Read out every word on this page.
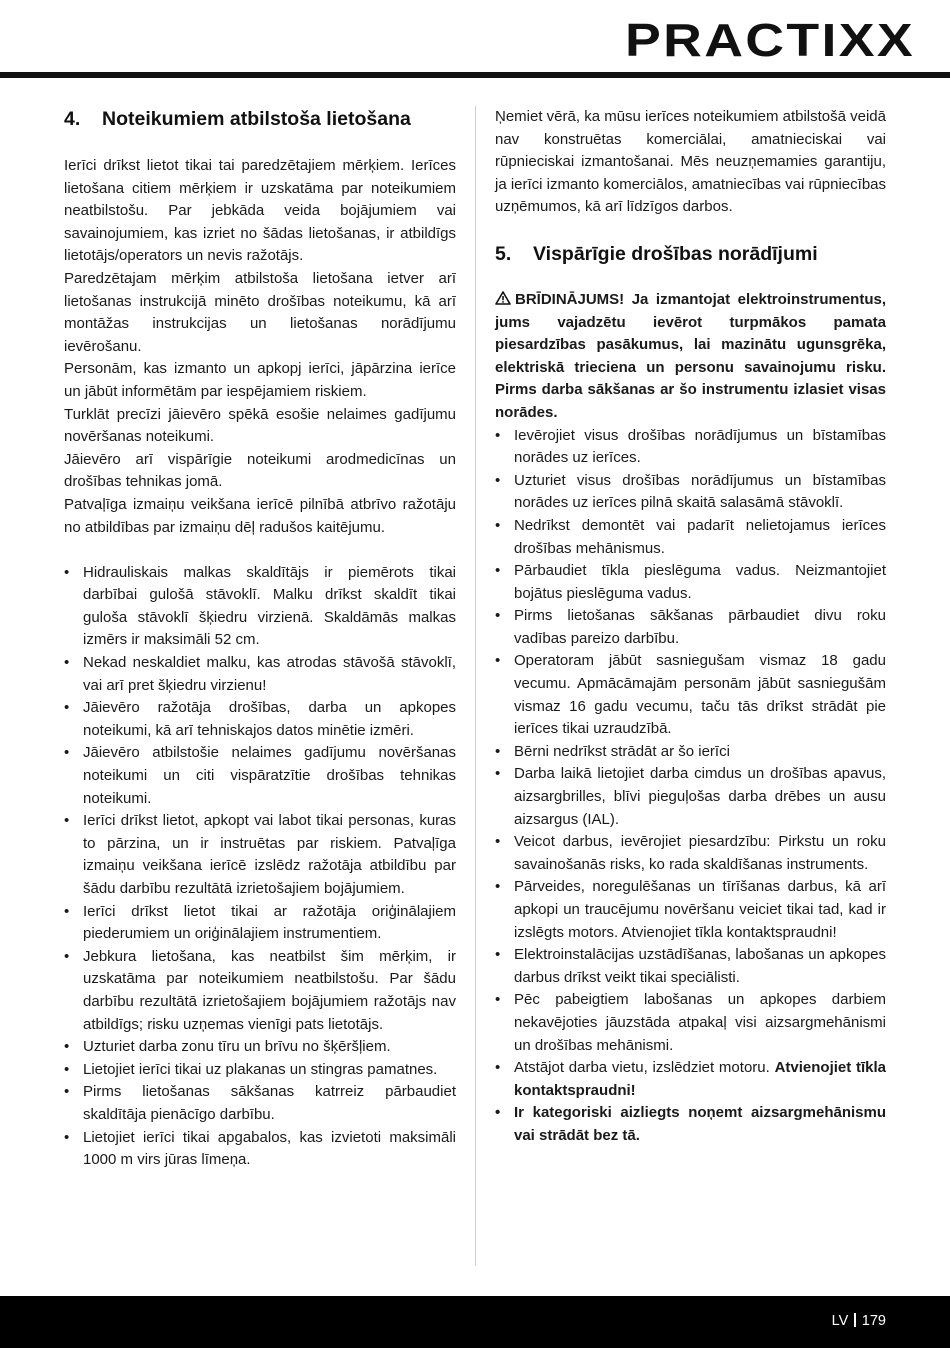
PRACTIXX
4.	Noteikumiem atbilstoša lietošana

Ierīci drīkst lietot tikai tai paredzētajiem mērķiem. Ierīces lietošana citiem mērķiem ir uzskatāma par noteikumiem neatbilstošu. Par jebkāda veida bojājumiem vai savainojumiem, kas izriet no šādas lietošanas, ir atbildīgs lietotājs/operators un nevis ražotājs.

Paredzētajam mērķim atbilstoša lietošana ietver arī lietošanas instrukcijā minēto drošības noteikumu, kā arī montāžas instrukcijas un lietošanas norādījumu ievērošanu.

Personām, kas izmanto un apkopj ierīci, jāpārzina ierīce un jābūt informētām par iespējamiem riskiem.

Turklāt precīzi jāievēro spēkā esošie nelaimes gadījumu novēršanas noteikumi.

Jāievēro arī vispārīgie noteikumi arodmedicīnas un drošības tehnikas jomā.

Patvaļīga izmaiņu veikšana ierīcē pilnībā atbrīvo ražotāju no atbildības par izmaiņu dēļ radušos kaitējumu.

• Hidrauliskais malkas skaldītājs ir piemērots tikai darbībai gulošā stāvoklī. Malku drīkst skaldīt tikai guloša stāvoklī šķiedru virzienā. Skaldāmās malkas izmērs ir maksimāli 52 cm.
• Nekad neskaldiet malku, kas atrodas stāvošā stāvoklī, vai arī pret šķiedru virzienu!
• Jāievēro ražotāja drošības, darba un apkopes noteikumi, kā arī tehniskajos datos minētie izmēri.
• Jāievēro atbilstošie nelaimes gadījumu novēršanas noteikumi un citi vispāratzītie drošības tehnikas noteikumi.
• Ierīci drīkst lietot, apkopt vai labot tikai personas, kuras to pārzina, un ir instruētas par riskiem. Patvaļīga izmaiņu veikšana ierīcē izslēdz ražotāja atbildību par šādu darbību rezultātā izrietošajiem bojājumiem.
• Ierīci drīkst lietot tikai ar ražotāja oriģinālajiem piederumiem un oriģinālajiem instrumentiem.
• Jebkura lietošana, kas neatbilst šim mērķim, ir uzskatāma par noteikumiem neatbilstošu. Par šādu darbību rezultātā izrietošajiem bojājumiem ražotājs nav atbildīgs; risku uzņemas vienīgi pats lietotājs.
• Uzturiet darba zonu tīru un brīvu no šķēršļiem.
• Lietojiet ierīci tikai uz plakanas un stingras pamatnes.
• Pirms lietošanas sākšanas katrreiz pārbaudiet skaldītāja pienācīgo darbību.
• Lietojiet ierīci tikai apgabalos, kas izvietoti maksimāli 1000 m virs jūras līmeņa.

Ņemiet vērā, ka mūsu ierīces noteikumiem atbilstošā veidā nav konstruētas komerciālai, amatnieciskai vai rūpnieciskai izmantošanai. Mēs neuzņemamies garantiju, ja ierīci izmanto komerciālos, amatniecības vai rūpniecības uzņēmumos, kā arī līdzīgos darbos.

5.	Vispārīgie drošības norādījumi

BRĪDINĀJUMS! Ja izmantojat elektroinstrumentus, jums vajadzētu ievērot turpmākos pamata piesardzības pasākumus, lai mazinātu ugunsgrēka, elektriskā trieciena un personu savainojumu risku. Pirms darba sākšanas ar šo instrumentu izlasiet visas norādes.

• Ievērojiet visus drošības norādījumus un bīstamības norādes uz ierīces.
• Uzturiet visus drošības norādījumus un bīstamības norādes uz ierīces pilnā skaitā salasāmā stāvoklī.
• Nedrīkst demontēt vai padarīt nelietojamus ierīces drošības mehānismus.
• Pārbaudiet tīkla pieslēguma vadus. Neizmantojiet bojātus pieslēguma vadus.
• Pirms lietošanas sākšanas pārbaudiet divu roku vadības pareizo darbību.
• Operatoram jābūt sasniegušam vismaz 18 gadu vecumu. Apmācāmajām personām jābūt sasniegušām vismaz 16 gadu vecumu, taču tās drīkst strādāt pie ierīces tikai uzraudzībā.
• Bērni nedrīkst strādāt ar šo ierīci
• Darba laikā lietojiet darba cimdus un drošības apavus, aizsargbrilles, blīvi pieguļošas darba drēbes un ausu aizsargus (IAL).
• Veicot darbus, ievērojiet piesardzību: Pirkstu un roku savainošanās risks, ko rada skaldīšanas instruments.
• Pārveides, noregulēšanas un tīrīšanas darbus, kā arī apkopi un traucējumu novēršanu veiciet tikai tad, kad ir izslēgts motors. Atvienojiet tīkla kontaktspraudni!
• Elektroinstalācijas uzstādīšanas, labošanas un apkopes darbus drīkst veikt tikai speciālisti.
• Pēc pabeigtiem labošanas un apkopes darbiem nekavējoties jāuzstāda atpakaļ visi aizsargmehānismi un drošības mehānismi.
• Atstājot darba vietu, izslēdziet motoru. Atvienojiet tīkla kontaktspraudni!
• Ir kategoriski aizliegts noņemt aizsargmehānismu vai strādāt bez tā.
LV 179
